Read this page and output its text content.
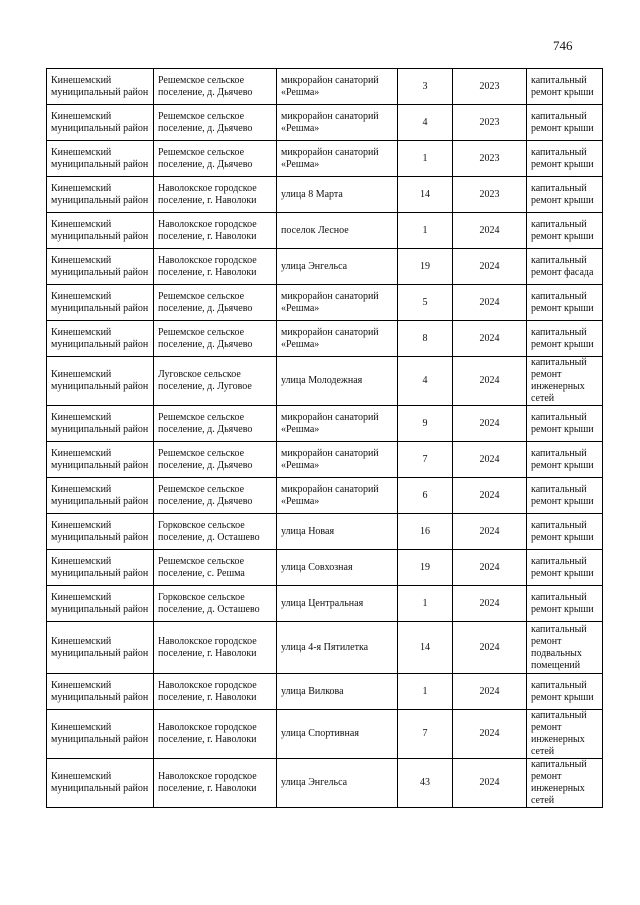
746
Кинешемский муниципальный район	Решемское сельское поселение, д. Дьячево	микрорайон санаторий «Решма»	3	2023	капитальный ремонт крыши
Кинешемский муниципальный район	Решемское сельское поселение, д. Дьячево	микрорайон санаторий «Решма»	4	2023	капитальный ремонт крыши
Кинешемский муниципальный район	Решемское сельское поселение, д. Дьячево	микрорайон санаторий «Решма»	1	2023	капитальный ремонт крыши
Кинешемский муниципальный район	Наволокское городское поселение, г. Наволоки	улица 8 Марта	14	2023	капитальный ремонт крыши
Кинешемский муниципальный район	Наволокское городское поселение, г. Наволоки	поселок Лесное	1	2024	капитальный ремонт крыши
Кинешемский муниципальный район	Наволокское городское поселение, г. Наволоки	улица Энгельса	19	2024	капитальный ремонт фасада
Кинешемский муниципальный район	Решемское сельское поселение, д. Дьячево	микрорайон санаторий «Решма»	5	2024	капитальный ремонт крыши
Кинешемский муниципальный район	Решемское сельское поселение, д. Дьячево	микрорайон санаторий «Решма»	8	2024	капитальный ремонт крыши
Кинешемский муниципальный район	Луговское сельское поселение, д. Луговое	улица Молодежная	4	2024	капитальный ремонт инженерных сетей
Кинешемский муниципальный район	Решемское сельское поселение, д. Дьячево	микрорайон санаторий «Решма»	9	2024	капитальный ремонт крыши
Кинешемский муниципальный район	Решемское сельское поселение, д. Дьячево	микрорайон санаторий «Решма»	7	2024	капитальный ремонт крыши
Кинешемский муниципальный район	Решемское сельское поселение, д. Дьячево	микрорайон санаторий «Решма»	6	2024	капитальный ремонт крыши
Кинешемский муниципальный район	Горковское сельское поселение, д. Осташево	улица Новая	16	2024	капитальный ремонт крыши
Кинешемский муниципальный район	Решемское сельское поселение, с. Решма	улица Совхозная	19	2024	капитальный ремонт крыши
Кинешемский муниципальный район	Горковское сельское поселение, д. Осташево	улица Центральная	1	2024	капитальный ремонт крыши
Кинешемский муниципальный район	Наволокское городское поселение, г. Наволоки	улица 4-я Пятилетка	14	2024	капитальный ремонт подвальных помещений
Кинешемский муниципальный район	Наволокское городское поселение, г. Наволоки	улица Вилкова	1	2024	капитальный ремонт крыши
Кинешемский муниципальный район	Наволокское городское поселение, г. Наволоки	улица Спортивная	7	2024	капитальный ремонт инженерных сетей
Кинешемский муниципальный район	Наволокское городское поселение, г. Наволоки	улица Энгельса	43	2024	капитальный ремонт инженерных сетей
